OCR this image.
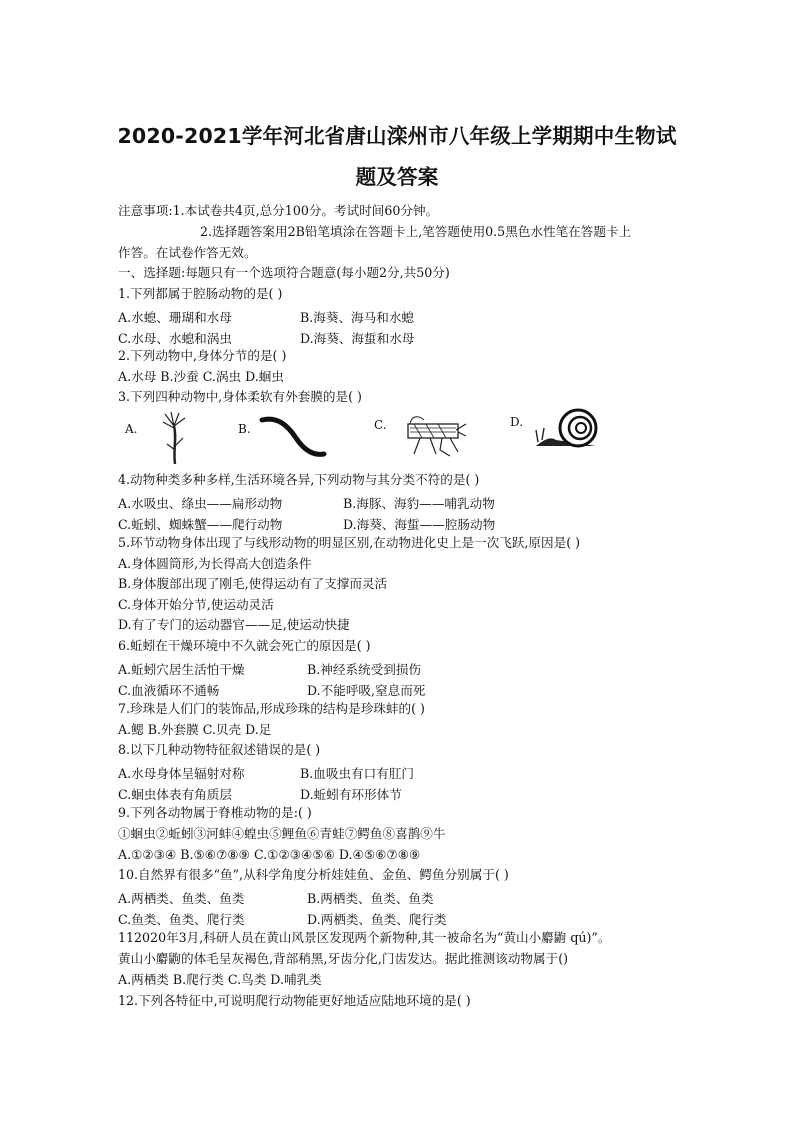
2020-2021学年河北省唐山滦州市八年级上学期期中生物试
题及答案
注意事项:1.本试卷共4页,总分100分。考试时间60分钟。
2.选择题答案用2B铅笔填涂在答题卡上,笔答题使用0.5黑色水性笔在答题卡上
作答。在试卷作答无效。
一、选择题:每题只有一个选项符合题意(每小题2分,共50分)
1.下列都属于腔肠动物的是( )
A.水螅、珊瑚和水母	B.海葵、海马和水螅
C.水母、水螅和涡虫	D.海葵、海蜇和水母
2.下列动物中,身体分节的是( )
A.水母 B.沙蚕 C.涡虫 D.蛔虫
3.下列四种动物中,身体柔软有外套膜的是( )
A.	B.	C.	D.
4.动物种类多种多样,生活环境各异,下列动物与其分类不符的是( )
A.水吸虫、绦虫——扁形动物	B.海豚、海豹——哺乳动物
C.蚯蚓、蜘蛛蟹——爬行动物	D.海葵、海蜇——腔肠动物
5.环节动物身体出现了与线形动物的明显区别,在动物进化史上是一次飞跃,原因是( )
A.身体圆筒形,为长得高大创造条件
B.身体腹部出现了刚毛,使得运动有了支撑而灵活
C.身体开始分节,使运动灵活
D.有了专门的运动器官——足,使运动快捷
6.蚯蚓在干燥环境中不久就会死亡的原因是( )
A.蚯蚓穴居生活怕干燥	B.神经系统受到损伤
C.血液循环不通畅	D.不能呼吸,窒息而死
7.珍珠是人们门的装饰品,形成珍珠的结构是珍珠蚌的( )
A.鳃 B.外套膜 C.贝壳 D.足
8.以下几种动物特征叙述错误的是( )
A.水母身体呈辐射对称	B.血吸虫有口有肛门
C.蛔虫体表有角质层	D.蚯蚓有环形体节
9.下列各动物属于脊椎动物的是:( )
①蛔虫②蚯蚓③河蚌④蝗虫⑤鲤鱼⑥青蛙⑦鳄鱼⑧喜鹊⑨牛
A.①②③④ B.⑤⑥⑦⑧⑨ C.①②③④⑤⑥ D.④⑤⑥⑦⑧⑨
10.自然界有很多“鱼”,从科学角度分析娃娃鱼、金鱼、鳄鱼分别属于( )
A.两栖类、鱼类、鱼类	B.两栖类、鱼类、鱼类
C.鱼类、鱼类、爬行类	D.两栖类、鱼类、爬行类
112020年3月,科研人员在黄山风景区发现两个新物种,其一被命名为“黄山小麝鼩 qú)”。
黄山小麝鼩的体毛呈灰褐色,背部稍黑,牙齿分化,门齿发达。据此推测该动物属于()
A.两栖类 B.爬行类 C.鸟类 D.哺乳类
12.下列各特征中,可说明爬行动物能更好地适应陆地环境的是( )
